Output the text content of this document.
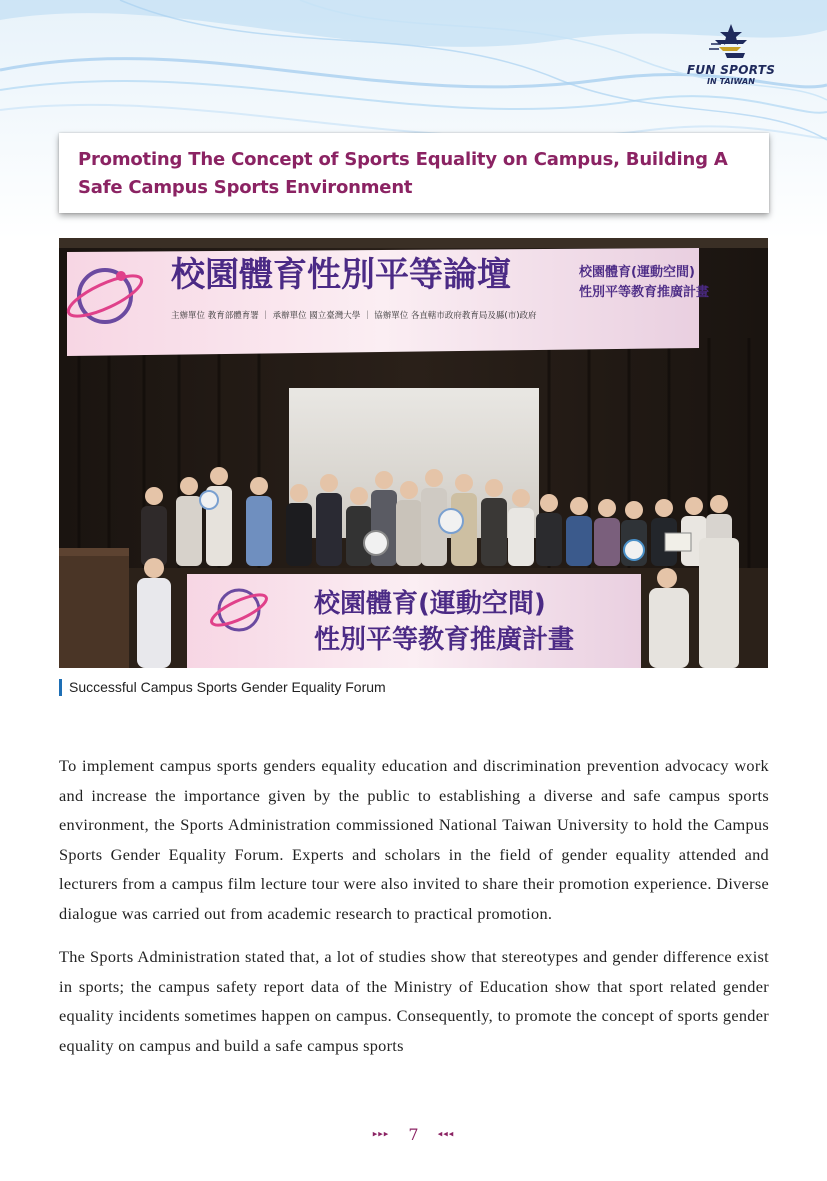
FUN SPORTS
IN TAIWAN
Promoting The Concept of Sports Equality on Campus, Building A Safe Campus Sports Environment
校園體育性別平等論壇	校園體育(運動空間)
性別平等教育推廣計畫
主辦單位 教育部體育署 ｜ 承辦單位 國立臺灣大學 ｜ 協辦單位 各直轄市政府教育局及縣(市)政府
校園體育(運動空間)
性別平等教育推廣計畫
Successful Campus Sports Gender Equality Forum

To implement campus sports genders equality education and discrimination prevention advocacy work and increase the importance given by the public to establishing a diverse and safe campus sports environment, the Sports Administration commissioned National Taiwan University to hold the Campus Sports Gender Equality Forum. Experts and scholars in the field of gender equality attended and lecturers from a campus film lecture tour were also invited to share their promotion experience. Diverse dialogue was carried out from academic research to practical promotion.

The Sports Administration stated that, a lot of studies show that stereotypes and gender difference exist in sports; the campus safety report data of the Ministry of Education show that sport related gender equality incidents sometimes happen on campus. Consequently, to promote the concept of sports gender equality on campus and build a safe campus sports

▸▸▸ 7 ◂◂◂
